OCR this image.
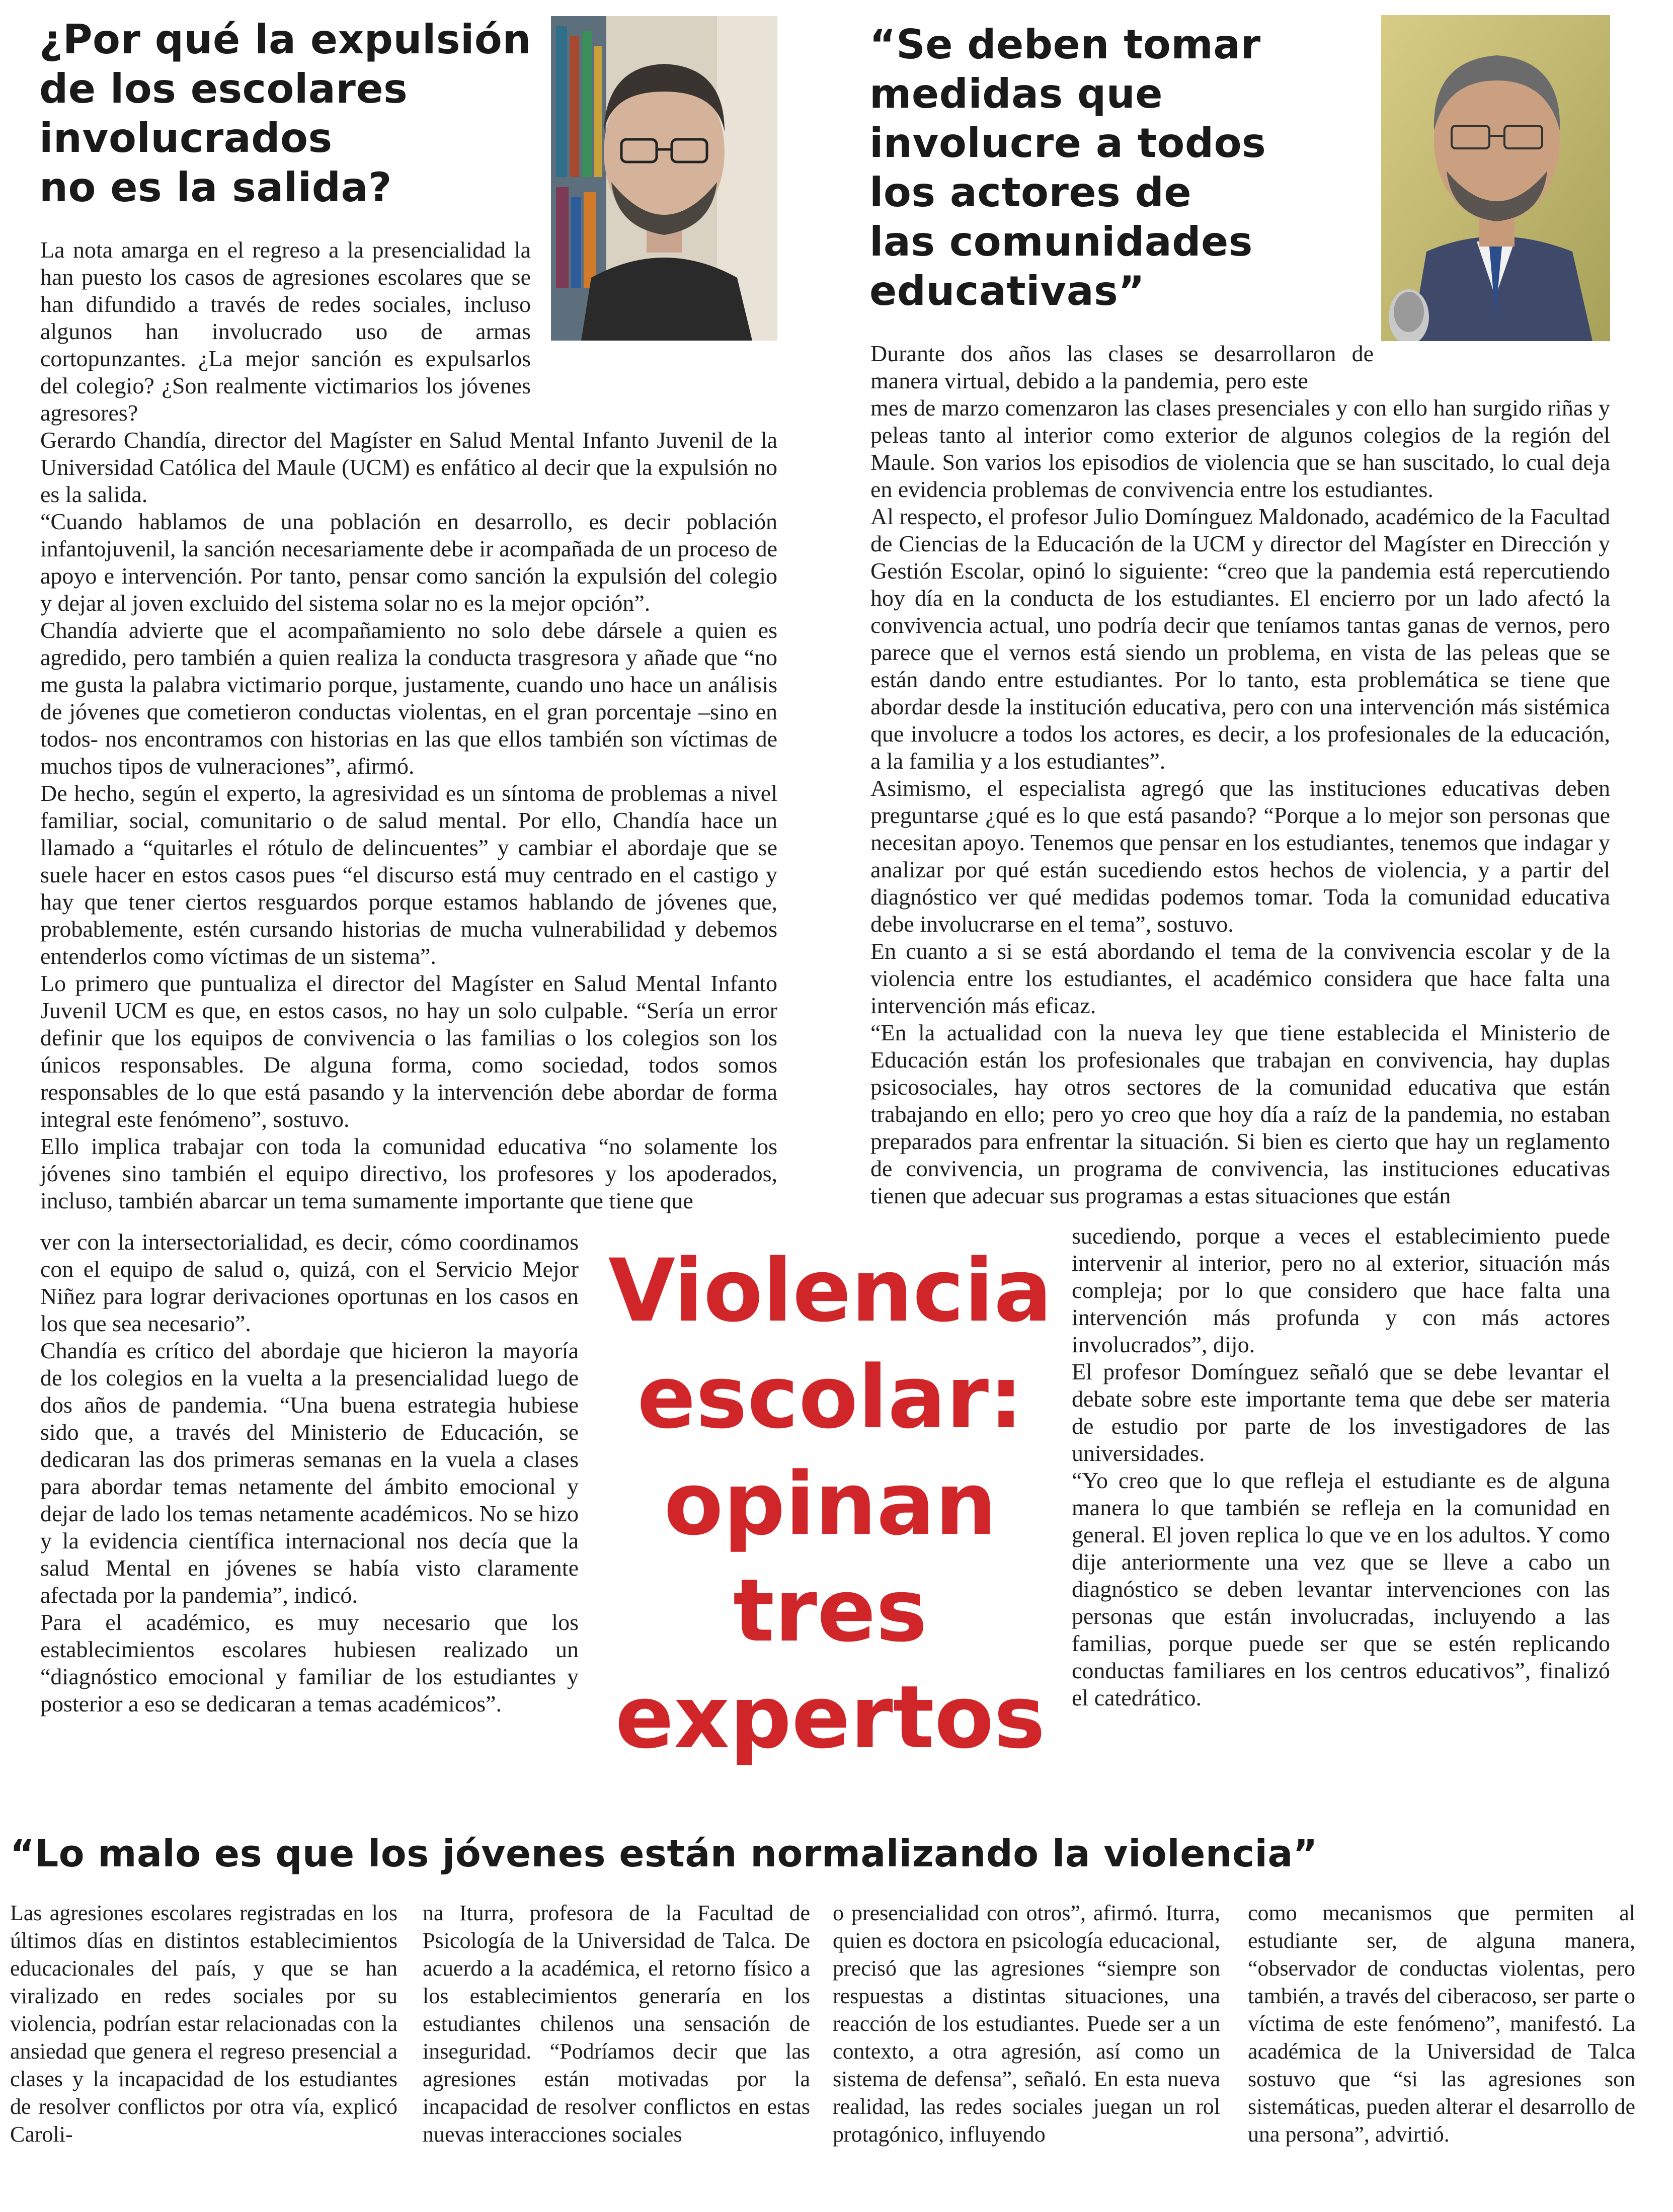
¿Por qué la expulsión
de los escolares
involucrados
no es la salida?

La nota amarga en el regreso a la presencialidad la han puesto los casos de agresiones escolares que se han difundido a través de redes sociales, incluso algunos han involucrado uso de armas cortopunzantes. ¿La mejor sanción es expulsarlos del colegio? ¿Son realmente victimarios los jóvenes agresores?

Gerardo Chandía, director del Magíster en Salud Mental Infanto Juvenil de la Universidad Católica del Maule (UCM) es enfático al decir que la expulsión no es la salida.

“Cuando hablamos de una población en desarrollo, es decir población infantojuvenil, la sanción necesariamente debe ir acompañada de un proceso de apoyo e intervención. Por tanto, pensar como sanción la expulsión del colegio y dejar al joven excluido del sistema solar no es la mejor opción”.

Chandía advierte que el acompañamiento no solo debe dársele a quien es agredido, pero también a quien realiza la conducta trasgresora y añade que “no me gusta la palabra victimario porque, justamente, cuando uno hace un análisis de jóvenes que cometieron conductas violentas, en el gran porcentaje –sino en todos- nos encontramos con historias en las que ellos también son víctimas de muchos tipos de vulneraciones”, afirmó.

De hecho, según el experto, la agresividad es un síntoma de problemas a nivel familiar, social, comunitario o de salud mental. Por ello, Chandía hace un llamado a “quitarles el rótulo de delincuentes” y cambiar el abordaje que se suele hacer en estos casos pues “el discurso está muy centrado en el castigo y hay que tener ciertos resguardos porque estamos hablando de jóvenes que, probablemente, estén cursando historias de mucha vulnerabilidad y debemos entenderlos como víctimas de un sistema”.

Lo primero que puntualiza el director del Magíster en Salud Mental Infanto Juvenil UCM es que, en estos casos, no hay un solo culpable. “Sería un error definir que los equipos de convivencia o las familias o los colegios son los únicos responsables. De alguna forma, como sociedad, todos somos responsables de lo que está pasando y la intervención debe abordar de forma integral este fenómeno”, sostuvo.

Ello implica trabajar con toda la comunidad educativa “no solamente los jóvenes sino también el equipo directivo, los profesores y los apoderados, incluso, también abarcar un tema sumamente importante que tiene que

ver con la intersectorialidad, es decir, cómo coordinamos con el equipo de salud o, quizá, con el Servicio Mejor Niñez para lograr derivaciones oportunas en los casos en los que sea necesario”.

Chandía es crítico del abordaje que hicieron la mayoría de los colegios en la vuelta a la presencialidad luego de dos años de pandemia. “Una buena estrategia hubiese sido que, a través del Ministerio de Educación, se dedicaran las dos primeras semanas en la vuela a clases para abordar temas netamente del ámbito emocional y dejar de lado los temas netamente académicos. No se hizo y la evidencia científica internacional nos decía que la salud Mental en jóvenes se había visto claramente afectada por la pandemia”, indicó.

Para el académico, es muy necesario que los establecimientos escolares hubiesen realizado un “diagnóstico emocional y familiar de los estudiantes y posterior a eso se dedicaran a temas académicos”.

Violencia
escolar:
opinan
tres
expertos
“Se deben tomar
medidas que
involucre a todos
los actores de
las comunidades
educativas”

Durante dos años las clases se desarrollaron de manera virtual, debido a la pandemia, pero este

mes de marzo comenzaron las clases presenciales y con ello han surgido riñas y peleas tanto al interior como exterior de algunos colegios de la región del Maule. Son varios los episodios de violencia que se han suscitado, lo cual deja en evidencia problemas de convivencia entre los estudiantes.

Al respecto, el profesor Julio Domínguez Maldonado, académico de la Facultad de Ciencias de la Educación de la UCM y director del Magíster en Dirección y Gestión Escolar, opinó lo siguiente: “creo que la pandemia está repercutiendo hoy día en la conducta de los estudiantes. El encierro por un lado afectó la convivencia actual, uno podría decir que teníamos tantas ganas de vernos, pero parece que el vernos está siendo un problema, en vista de las peleas que se están dando entre estudiantes. Por lo tanto, esta problemática se tiene que abordar desde la institución educativa, pero con una intervención más sistémica que involucre a todos los actores, es decir, a los profesionales de la educación, a la familia y a los estudiantes”.

Asimismo, el especialista agregó que las instituciones educativas deben preguntarse ¿qué es lo que está pasando? “Porque a lo mejor son personas que necesitan apoyo. Tenemos que pensar en los estudiantes, tenemos que indagar y analizar por qué están sucediendo estos hechos de violencia, y a partir del diagnóstico ver qué medidas podemos tomar. Toda la comunidad educativa debe involucrarse en el tema”, sostuvo.

En cuanto a si se está abordando el tema de la convivencia escolar y de la violencia entre los estudiantes, el académico considera que hace falta una intervención más eficaz.

“En la actualidad con la nueva ley que tiene establecida el Ministerio de Educación están los profesionales que trabajan en convivencia, hay duplas psicosociales, hay otros sectores de la comunidad educativa que están trabajando en ello; pero yo creo que hoy día a raíz de la pandemia, no estaban preparados para enfrentar la situación. Si bien es cierto que hay un reglamento de convivencia, un programa de convivencia, las instituciones educativas tienen que adecuar sus programas a estas situaciones que están

sucediendo, porque a veces el establecimiento puede intervenir al interior, pero no al exterior, situación más compleja; por lo que considero que hace falta una intervención más profunda y con más actores involucrados”, dijo.

El profesor Domínguez señaló que se debe levantar el debate sobre este importante tema que debe ser materia de estudio por parte de los investigadores de las universidades.

“Yo creo que lo que refleja el estudiante es de alguna manera lo que también se refleja en la comunidad en general. El joven replica lo que ve en los adultos. Y como dije anteriormente una vez que se lleve a cabo un diagnóstico se deben levantar intervenciones con las personas que están involucradas, incluyendo a las familias, porque puede ser que se estén replicando conductas familiares en los centros educativos”, finalizó el catedrático.

“Lo malo es que los jóvenes están normalizando la violencia”
Las agresiones escolares registradas en los últimos días en distintos establecimientos educacionales del país, y que se han viralizado en redes sociales por su violencia, podrían estar relacionadas con la ansiedad que genera el regreso presencial a clases y la incapacidad de los estudiantes de resolver conflictos por otra vía, explicó Caroli-
na Iturra, profesora de la Facultad de Psicología de la Universidad de Talca. De acuerdo a la académica, el retorno físico a los establecimientos generaría en los estudiantes chilenos una sensación de inseguridad. “Podríamos decir que las agresiones están motivadas por la incapacidad de resolver conflictos en estas nuevas interacciones sociales
o presencialidad con otros”, afirmó. Iturra, quien es doctora en psicología educacional, precisó que las agresiones “siempre son respuestas a distintas situaciones, una reacción de los estudiantes. Puede ser a un contexto, a otra agresión, así como un sistema de defensa”, señaló. En esta nueva realidad, las redes sociales juegan un rol protagónico, influyendo
como mecanismos que permiten al estudiante ser, de alguna manera, “observador de conductas violentas, pero también, a través del ciberacoso, ser parte o víctima de este fenómeno”, manifestó. La académica de la Universidad de Talca sostuvo que “si las agresiones son sistemáticas, pueden alterar el desarrollo de una persona”, advirtió.
